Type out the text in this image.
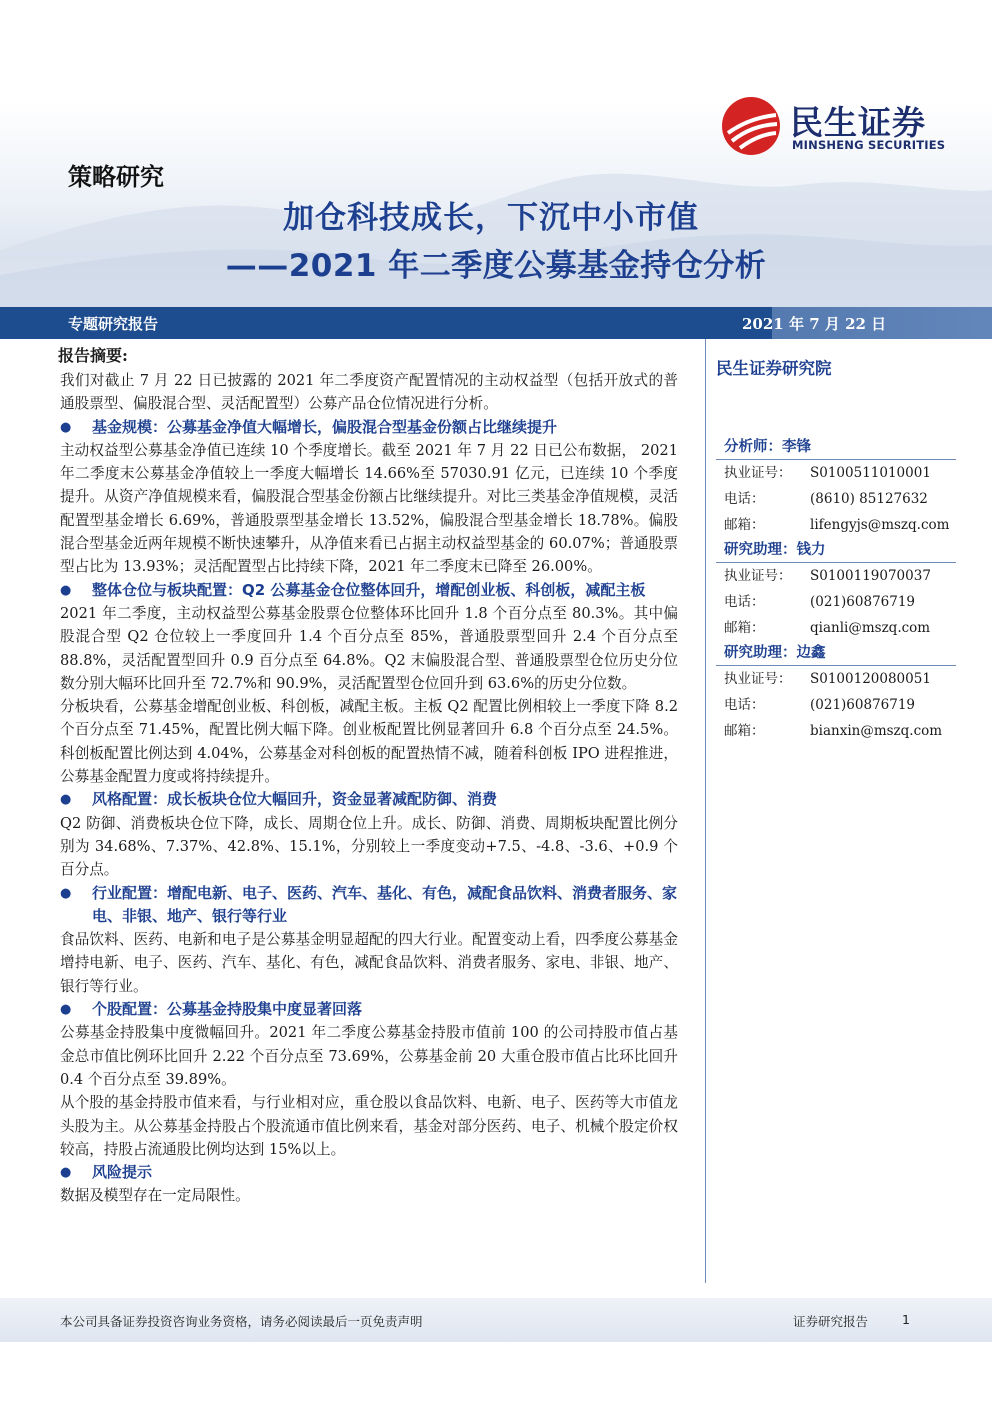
民生证券
MINSHENG SECURITIES
策略研究
加仓科技成长，下沉中小市值
——2021 年二季度公募基金持仓分析
专题研究报告	2021 年 7 月 22 日
报告摘要:

我们对截止 7 月 22 日已披露的 2021 年二季度资产配置情况的主动权益型（包括开放式的普通股票型、偏股混合型、灵活配置型）公募产品仓位情况进行分析。

●	基金规模：公募基金净值大幅增长，偏股混合型基金份额占比继续提升

主动权益型公募基金净值已连续 10 个季度增长。截至 2021 年 7 月 22 日已公布数据， 2021 年二季度末公募基金净值较上一季度大幅增长 14.66%至 57030.91 亿元，已连续 10 个季度提升。从资产净值规模来看，偏股混合型基金份额占比继续提升。对比三类基金净值规模，灵活配置型基金增长 6.69%，普通股票型基金增长 13.52%，偏股混合型基金增长 18.78%。偏股混合型基金近两年规模不断快速攀升，从净值来看已占据主动权益型基金的 60.07%；普通股票型占比为 13.93%；灵活配置型占比持续下降，2021 年二季度末已降至 26.00%。

●	整体仓位与板块配置：Q2 公募基金仓位整体回升，增配创业板、科创板，减配主板

2021 年二季度，主动权益型公募基金股票仓位整体环比回升 1.8 个百分点至 80.3%。其中偏股混合型 Q2 仓位较上一季度回升 1.4 个百分点至 85%，普通股票型回升 2.4 个百分点至 88.8%，灵活配置型回升 0.9 百分点至 64.8%。Q2 末偏股混合型、普通股票型仓位历史分位数分别大幅环比回升至 72.7%和 90.9%，灵活配置型仓位回升到 63.6%的历史分位数。

分板块看，公募基金增配创业板、科创板，减配主板。主板 Q2 配置比例相较上一季度下降 8.2 个百分点至 71.45%，配置比例大幅下降。创业板配置比例显著回升 6.8 个百分点至 24.5%。科创板配置比例达到 4.04%，公募基金对科创板的配置热情不减，随着科创板 IPO 进程推进，公募基金配置力度或将持续提升。

●	风格配置：成长板块仓位大幅回升，资金显著减配防御、消费

Q2 防御、消费板块仓位下降，成长、周期仓位上升。成长、防御、消费、周期板块配置比例分别为 34.68%、7.37%、42.8%、15.1%，分别较上一季度变动+7.5、-4.8、-3.6、+0.9 个百分点。

●	行业配置：增配电新、电子、医药、汽车、基化、有色，减配食品饮料、消费者服务、家电、非银、地产、银行等行业

食品饮料、医药、电新和电子是公募基金明显超配的四大行业。配置变动上看，四季度公募基金增持电新、电子、医药、汽车、基化、有色，减配食品饮料、消费者服务、家电、非银、地产、银行等行业。

●	个股配置：公募基金持股集中度显著回落

公募基金持股集中度微幅回升。2021 年二季度公募基金持股市值前 100 的公司持股市值占基金总市值比例环比回升 2.22 个百分点至 73.69%，公募基金前 20 大重仓股市值占比环比回升 0.4 个百分点至 39.89%。

从个股的基金持股市值来看，与行业相对应，重仓股以食品饮料、电新、电子、医药等大市值龙头股为主。从公募基金持股占个股流通市值比例来看，基金对部分医药、电子、机械个股定价权较高，持股占流通股比例均达到 15%以上。

●	风险提示

数据及模型存在一定局限性。

民生证券研究院
分析师：李锋
执业证号：	S0100511010001
电话：	(8610) 85127632
邮箱：	lifengyjs@mszq.com
研究助理：钱力
执业证号：	S0100119070037
电话：	(021)60876719
邮箱：	qianli@mszq.com
研究助理：边鑫
执业证号：	S0100120080051
电话：	(021)60876719
邮箱：	bianxin@mszq.com
本公司具备证券投资咨询业务资格，请务必阅读最后一页免责声明	证券研究报告	1
